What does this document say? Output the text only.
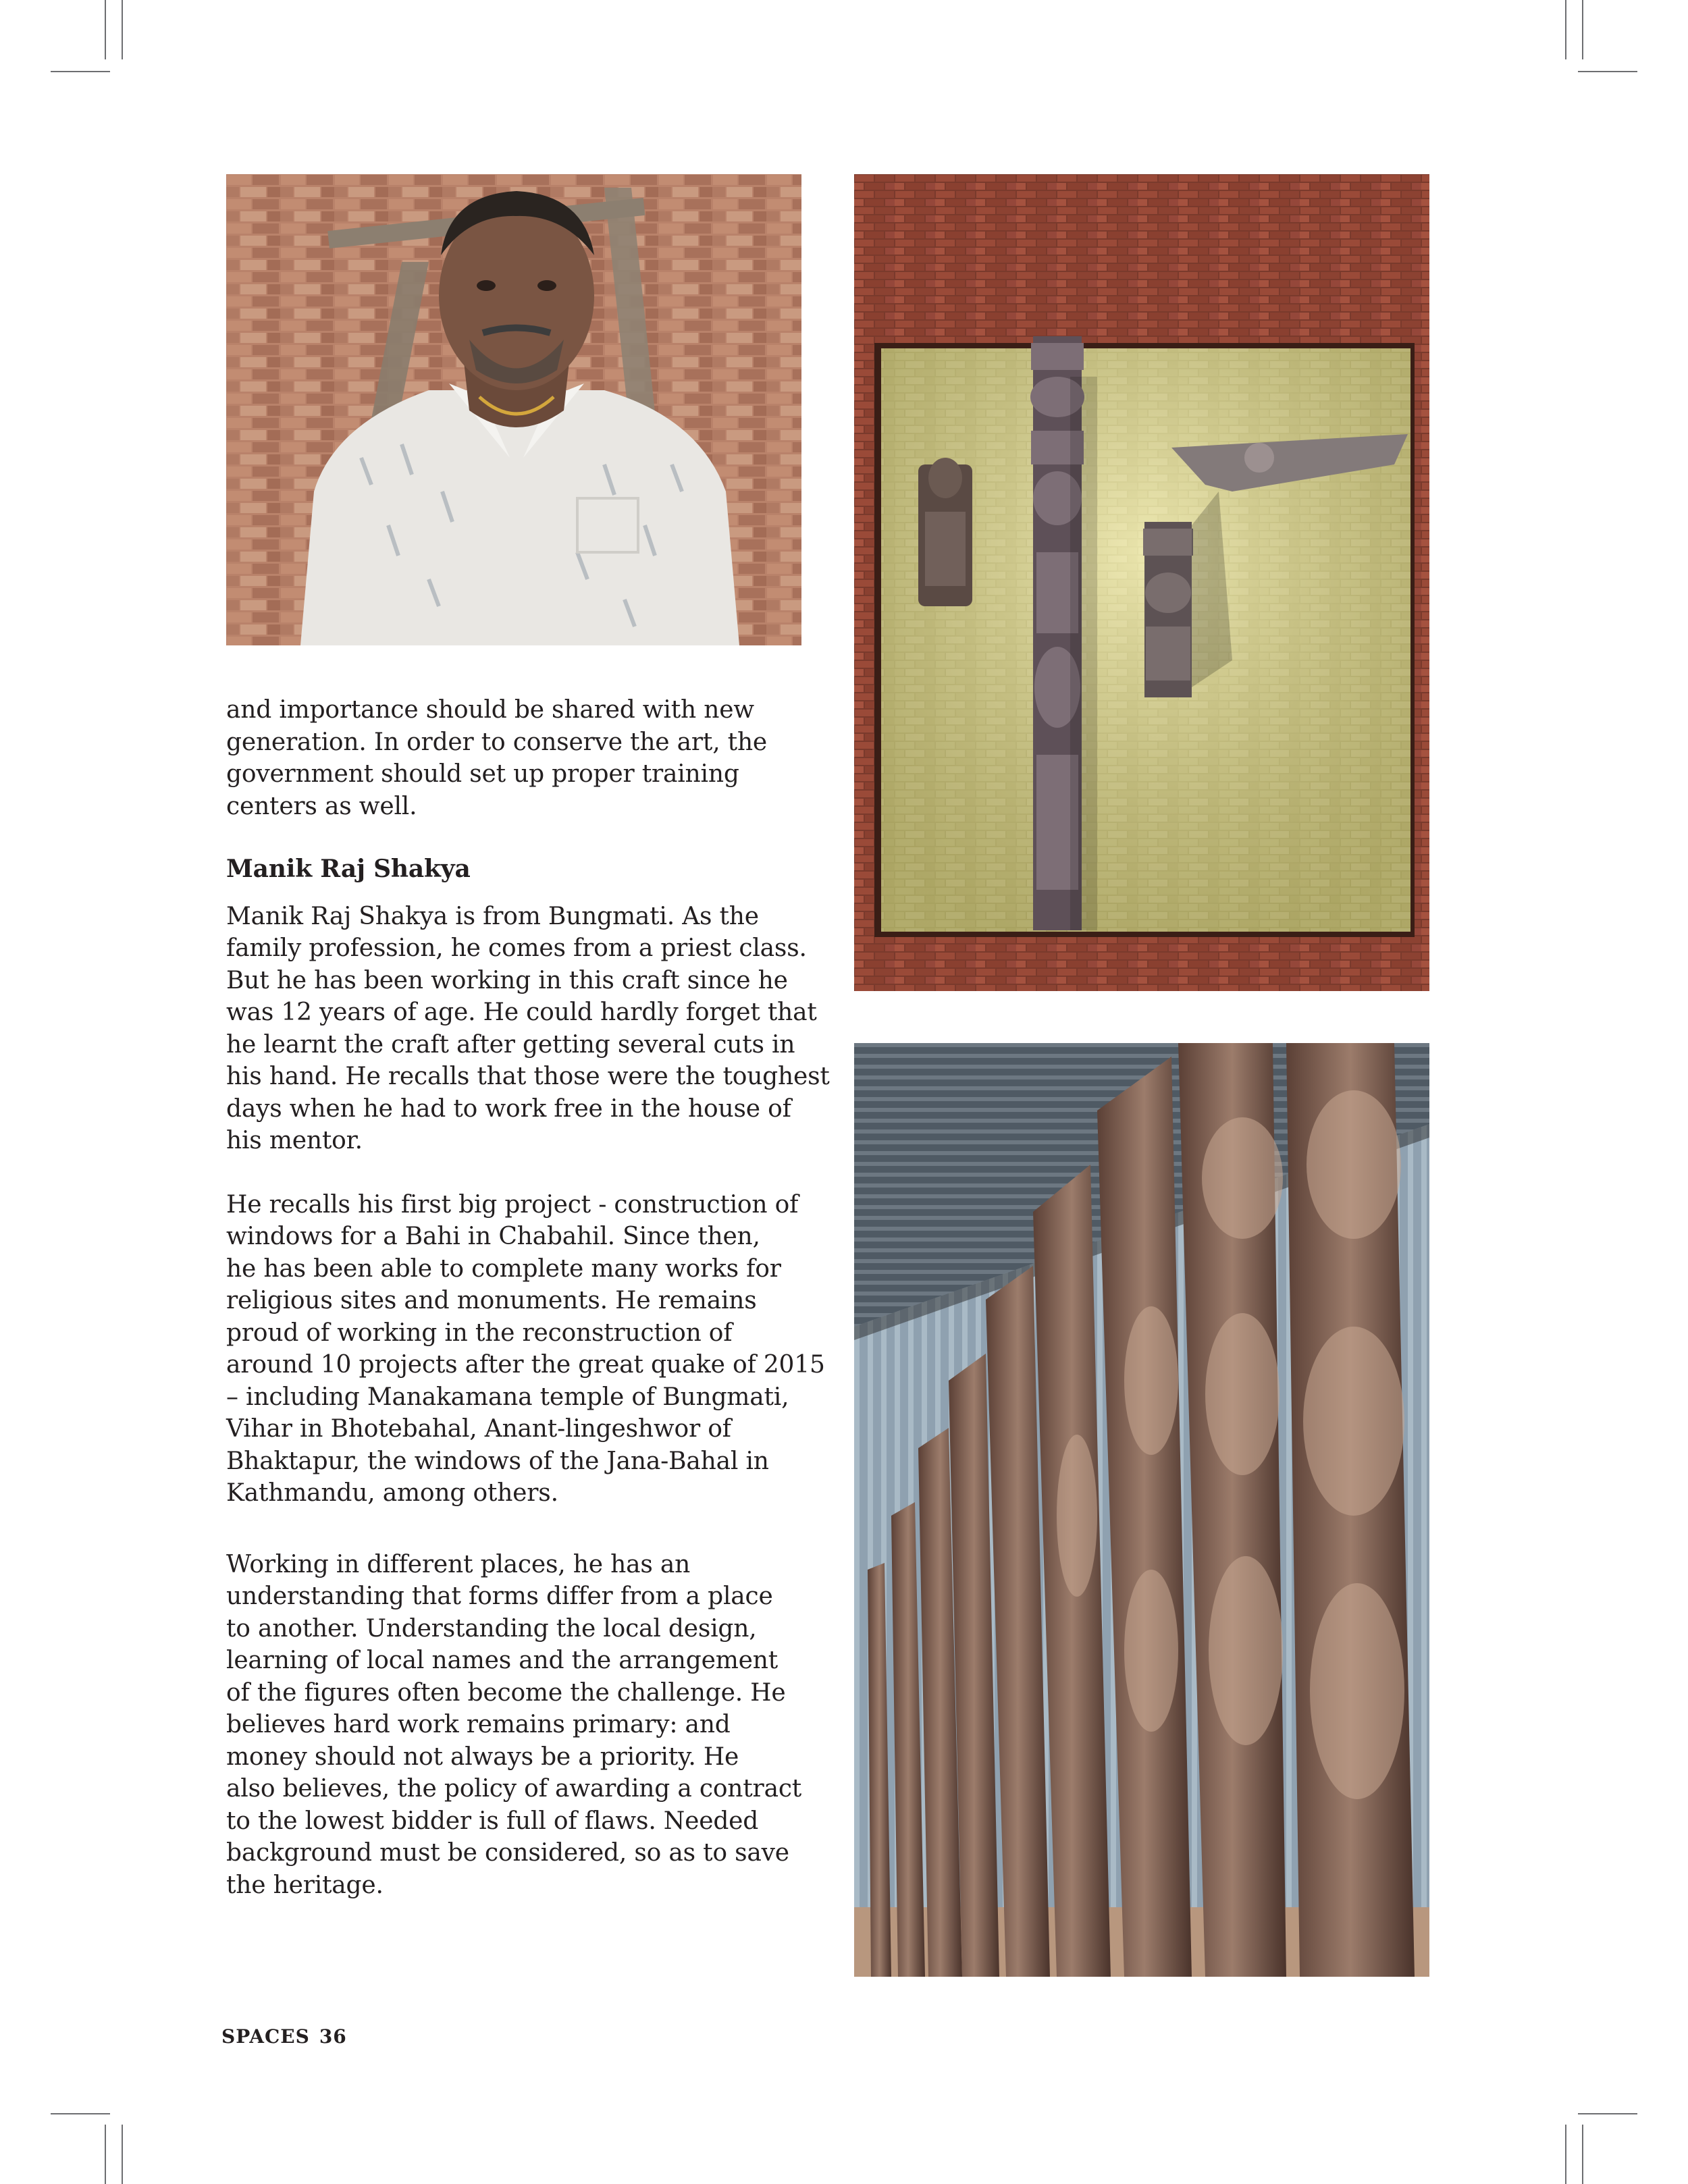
and importance should be shared with new
generation. In order to conserve the art, the
government should set up proper training
centers as well.

Manik Raj Shakya

Manik Raj Shakya is from Bungmati. As the
family profession, he comes from a priest class.
But he has been working in this craft since he
was 12 years of age. He could hardly forget that
he learnt the craft after getting several cuts in
his hand. He recalls that those were the toughest
days when he had to work free in the house of
his mentor.

He recalls his first big project - construction of
windows for a Bahi in Chabahil. Since then,
he has been able to complete many works for
religious sites and monuments. He remains
proud of working in the reconstruction of
around 10 projects after the great quake of 2015
– including Manakamana temple of Bungmati,
Vihar in Bhotebahal, Anant-lingeshwor of
Bhaktapur, the windows of the Jana-Bahal in
Kathmandu, among others.

Working in different places, he has an
understanding that forms differ from a place
to another. Understanding the local design,
learning of local names and the arrangement
of the figures often become the challenge. He
believes hard work remains primary: and
money should not always be a priority. He
also believes, the policy of awarding a contract
to the lowest bidder is full of flaws. Needed
background must be considered, so as to save
the heritage.

SPACES 36
